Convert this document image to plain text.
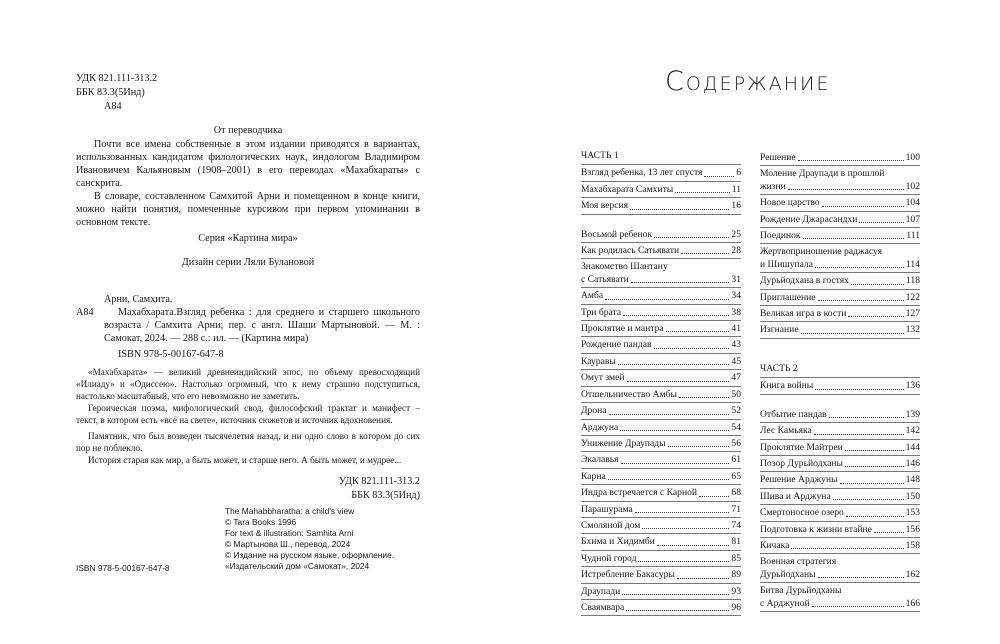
УДК 821.111-313.2
ББК 83.3(5Инд)
А84
От переводчика
Почти все имена собственные в этом издании приводятся в вариантах, использованных кандидатом филологических наук, индологом Владимиром Ивановичем Кальяновым (1908–2001) в его переводах «Махабхараты» с санскрита.
В словаре, составленном Самхитой Арни и помещенном в конце книги, можно найти понятия, помеченные курсивом при первом упоминании в основном тексте.
Серия «Картина мира»
Дизайн серии Ляли Булановой
Арни, Самхита.
А84	Махабхарата.Взгляд ребенка : для среднего и старшего школьного возраста / Самхита Арни; пер. с англ. Шаши Мартыновой. — М. : Самокат, 2024. — 288 с.: ил. — (Картина мира)
ISBN 978-5-00167-647-8
«Махабхарата» — великий древнеиндийский эпос, по объему превосходящий «Илиаду» и «Одиссею». Настолько огромный, что к нему страшно подступиться, настолько масштабный, что его невозможно не заметить.
Героическая поэма, мифологический свод, философский трактат и манифест – текст, в котором есть «всё на свете», источник сюжетов и источник вдохновения.
Памятник, что был возведен тысячелетия назад, и ни одно слово в котором до сих пор не поблекло.
История старая как мир, а быть может, и старше него. А быть может, и мудрее...
УДК 821.111-313.2
ББК 83.3(5Инд)
The Mahabbharatha: a child's view
© Tara Books 1996
For text & illustration: Samhita Arni
© Мартынова Ш., перевод, 2024
© Издание на русском языке, оформление.
«Издательский дом «Самокат», 2024
ISBN 978-5-00167-647-8
Содержание
ЧАСТЬ 1
Взгляд ребенка, 13 лет спустя	6
Махабхарата Самхиты	11
Моя версия	16
Восьмой ребенок	25
Как родилась Сатьявати	28
Знакомство Шантану
с Сатьявати	31
Амба	34
Три брата	38
Проклятие и мантра	41
Рождение пандав	43
Кауравы	45
Омут змей	47
Отшельничество Амбы	50
Дрона	52
Арджуна	54
Унижение Драупады	56
Экалавья	61
Карна	65
Индра встречается с Карной	68
Парашурама	71
Смоляной дом	74
Бхима и Хидимби	81
Чудной город	85
Истребление Бакасуры	89
Драупади	93
Сваямвара	96
Решение	100
Моление Драупади в прошлой
жизни	102
Новое царство	104
Рождение Джарасандхи	107
Поединок	111
Жертвоприношение раджасуя
и Шишупала	114
Дурьйодхана в гостях	118
Приглашение	122
Великая игра в кости	127
Изгнание	132
ЧАСТЬ 2
Книга войны	136
Отбытие пандав	139
Лес Камьяка	142
Проклятие Майтреи	144
Позор Дурьйодханы	146
Решение Арджуны	148
Шива и Арджуна	150
Смертоносное озеро	153
Подготовка к жизни втайне	156
Кичака	158
Военная стратегия
Дурьйодханы	162
Битва Дурьйодханы
с Арджуной	166
